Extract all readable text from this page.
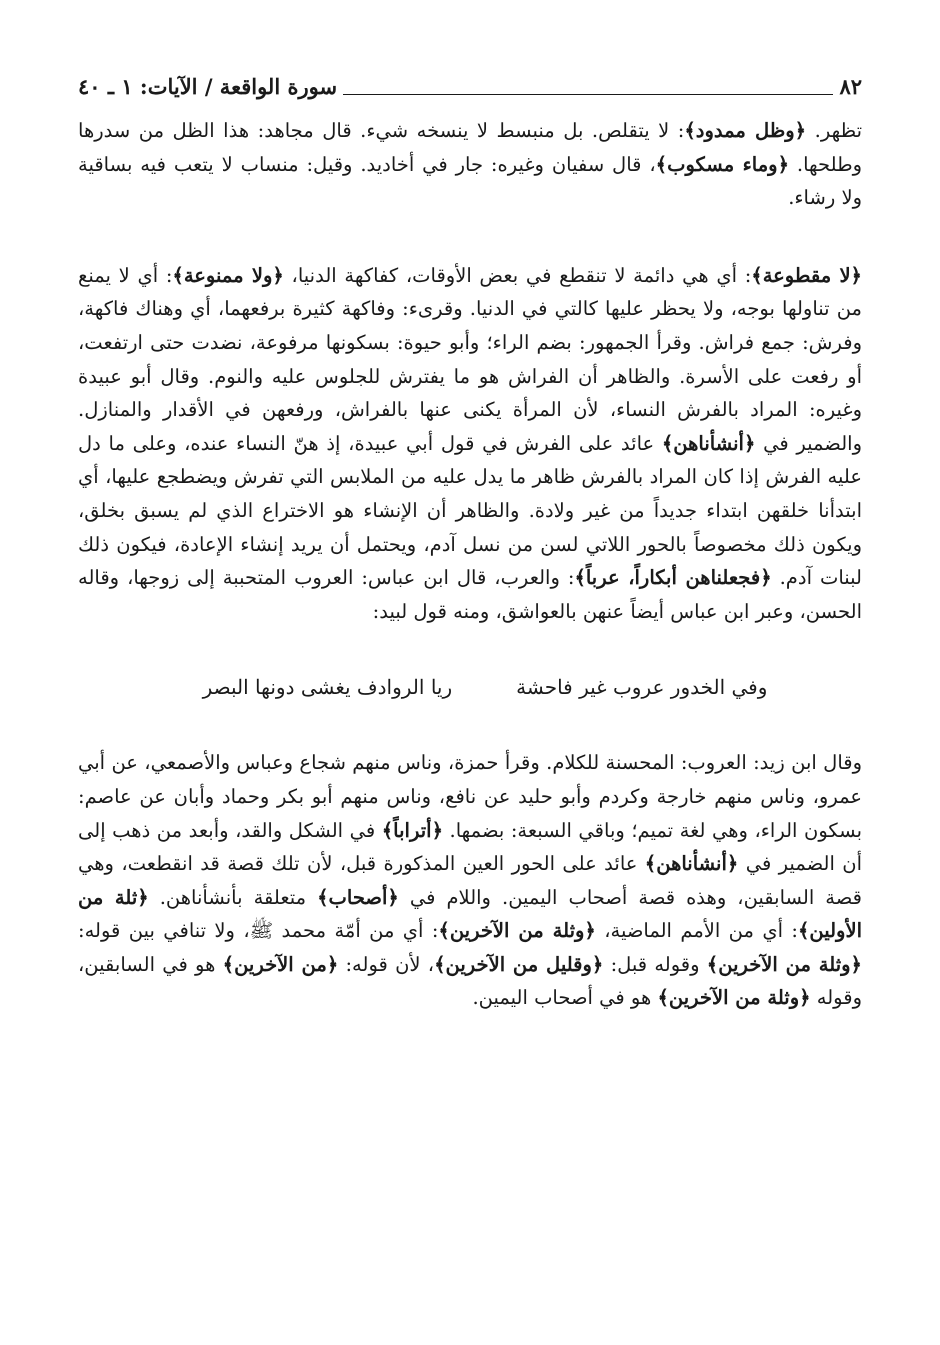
٨٢
سورة الواقعة / الآيات: ١ ـ ٤٠

تظهر. ﴿وظل ممدود﴾: لا يتقلص. بل منبسط لا ينسخه شيء. قال مجاهد: هذا الظل من سدرها وطلحها. ﴿وماء مسكوب﴾، قال سفيان وغيره: جار في أخاديد. وقيل: منساب لا يتعب فيه بساقية ولا رشاء.

﴿لا مقطوعة﴾: أي هي دائمة لا تنقطع في بعض الأوقات، كفاكهة الدنيا، ﴿ولا ممنوعة﴾: أي لا يمنع من تناولها بوجه، ولا يحظر عليها كالتي في الدنيا. وقرىء: وفاكهة كثيرة برفعهما، أي وهناك فاكهة، وفرش: جمع فراش. وقرأ الجمهور: بضم الراء؛ وأبو حيوة: بسكونها مرفوعة، نضدت حتى ارتفعت، أو رفعت على الأسرة. والظاهر أن الفراش هو ما يفترش للجلوس عليه والنوم. وقال أبو عبيدة وغيره: المراد بالفرش النساء، لأن المرأة يكنى عنها بالفراش، ورفعهن في الأقدار والمنازل. والضمير في ﴿أنشأناهن﴾ عائد على الفرش في قول أبي عبيدة، إذ هنّ النساء عنده، وعلى ما دل عليه الفرش إذا كان المراد بالفرش ظاهر ما يدل عليه من الملابس التي تفرش ويضطجع عليها، أي ابتدأنا خلقهن ابتداء جديداً من غير ولادة. والظاهر أن الإنشاء هو الاختراع الذي لم يسبق بخلق، ويكون ذلك مخصوصاً بالحور اللاتي لسن من نسل آدم، ويحتمل أن يريد إنشاء الإعادة، فيكون ذلك لبنات آدم. ﴿فجعلناهن أبكاراً، عرباً﴾: والعرب، قال ابن عباس: العروب المتحببة إلى زوجها، وقاله الحسن، وعبر ابن عباس أيضاً عنهن بالعواشق، ومنه قول لبيد:

وفي الخدور عروب غير فاحشة
ريا الروادف يغشى دونها البصر

وقال ابن زيد: العروب: المحسنة للكلام. وقرأ حمزة، وناس منهم شجاع وعباس والأصمعي، عن أبي عمرو، وناس منهم خارجة وكردم وأبو حليد عن نافع، وناس منهم أبو بكر وحماد وأبان عن عاصم: بسكون الراء، وهي لغة تميم؛ وباقي السبعة: بضمها. ﴿أتراباً﴾ في الشكل والقد، وأبعد من ذهب إلى أن الضمير في ﴿أنشأناهن﴾ عائد على الحور العين المذكورة قبل، لأن تلك قصة قد انقطعت، وهي قصة السابقين، وهذه قصة أصحاب اليمين. واللام في ﴿أصحاب﴾ متعلقة بأنشأناهن. ﴿ثلة من الأولين﴾: أي من الأمم الماضية، ﴿وثلة من الآخرين﴾: أي من أمّة محمد ﷺ، ولا تنافي بين قوله: ﴿وثلة من الآخرين﴾ وقوله قبل: ﴿وقليل من الآخرين﴾، لأن قوله: ﴿من الآخرين﴾ هو في السابقين، وقوله ﴿وثلة من الآخرين﴾ هو في أصحاب اليمين.
